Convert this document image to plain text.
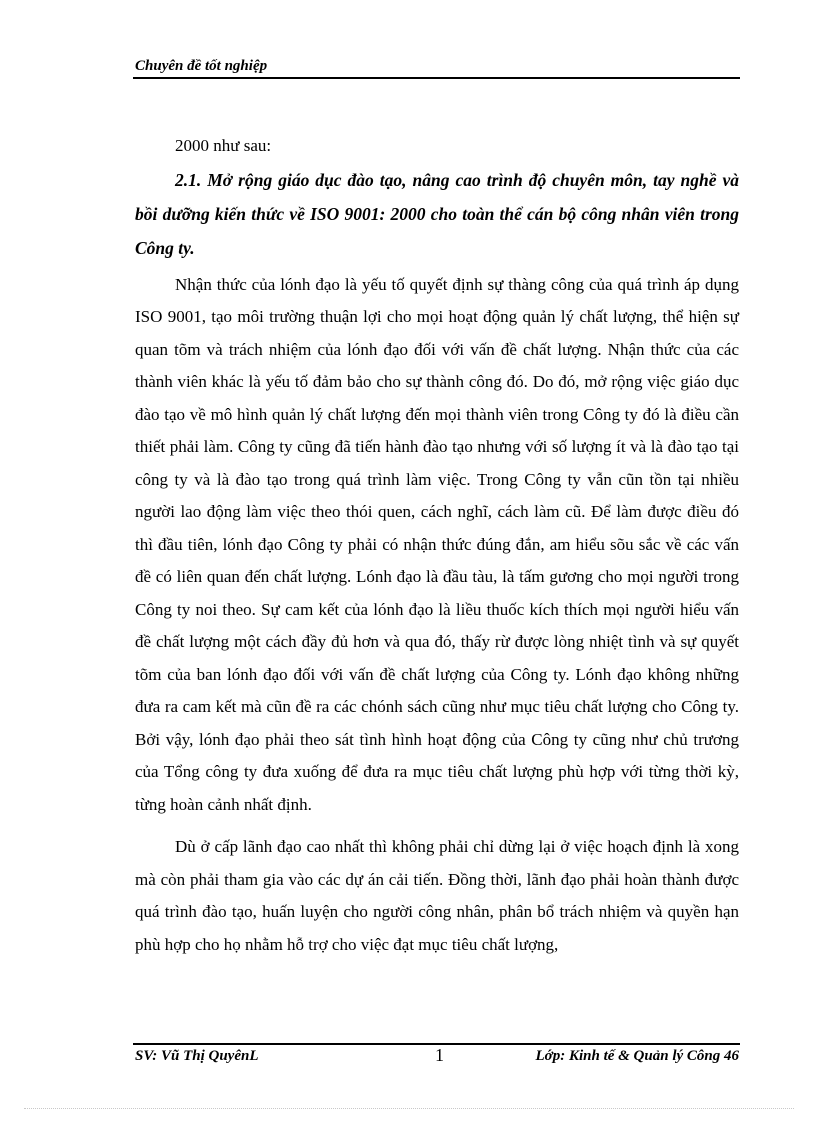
Chuyên đề tốt nghiệp

2000 như sau:

2.1. Mở rộng giáo dục đào tạo, nâng cao trình độ chuyên môn, tay nghề và bồi dưỡng kiến thức về ISO 9001: 2000 cho toàn thể cán bộ công nhân viên trong Công ty.

Nhận thức của lónh đạo là yếu tố quyết định sự thàng công của quá trình áp dụng ISO 9001, tạo môi trường thuận lợi cho mọi hoạt động quản lý chất lượng, thể hiện sự quan tõm và trách nhiệm của lónh đạo đối với vấn đề chất lượng. Nhận thức của các thành viên khác là yếu tố đảm bảo cho sự thành công đó. Do đó, mở rộng việc giáo dục đào tạo về mô hình quản lý chất lượng đến mọi thành viên trong Công ty đó là điều cần thiết phải làm. Công ty cũng đã tiến hành đào tạo nhưng với số lượng ít và là đào tạo tại công ty và là đào tạo trong quá trình làm việc. Trong Công ty vẫn cũn tồn tại nhiều người lao động làm việc theo thói quen, cách nghĩ, cách làm cũ. Để làm được điều đó thì đầu tiên, lónh đạo Công ty phải có nhận thức đúng đắn, am hiểu sõu sắc về các vấn đề có liên quan đến chất lượng. Lónh đạo là đầu tàu, là tấm gương cho mọi người trong Công ty noi theo. Sự cam kết của lónh đạo là liều thuốc kích thích mọi người hiểu vấn đề chất lượng một cách đầy đủ hơn và qua đó, thấy rừ được lòng nhiệt tình và sự quyết tõm của ban lónh đạo đối với vấn đề chất lượng của Công ty. Lónh đạo không những đưa ra cam kết mà cũn đề ra các chónh sách cũng như mục tiêu chất lượng cho Công ty. Bởi vậy, lónh đạo phải theo sát tình hình hoạt động của Công ty cũng như chủ trương của Tổng công ty đưa xuống để đưa ra mục tiêu chất lượng phù hợp với từng thời kỳ, từng hoàn cảnh nhất định.

Dù ở cấp lãnh đạo cao nhất thì không phải chỉ dừng lại ở việc hoạch định là xong mà còn phải tham gia vào các dự án cải tiến. Đồng thời, lãnh đạo phải hoàn thành được quá trình đào tạo, huấn luyện cho người công nhân, phân bổ trách nhiệm và quyền hạn phù hợp cho họ nhằm hỗ trợ cho việc đạt mục tiêu chất lượng,

SV: Vũ Thị QuyênL	1	Lớp: Kinh tế & Quản lý Công 46
